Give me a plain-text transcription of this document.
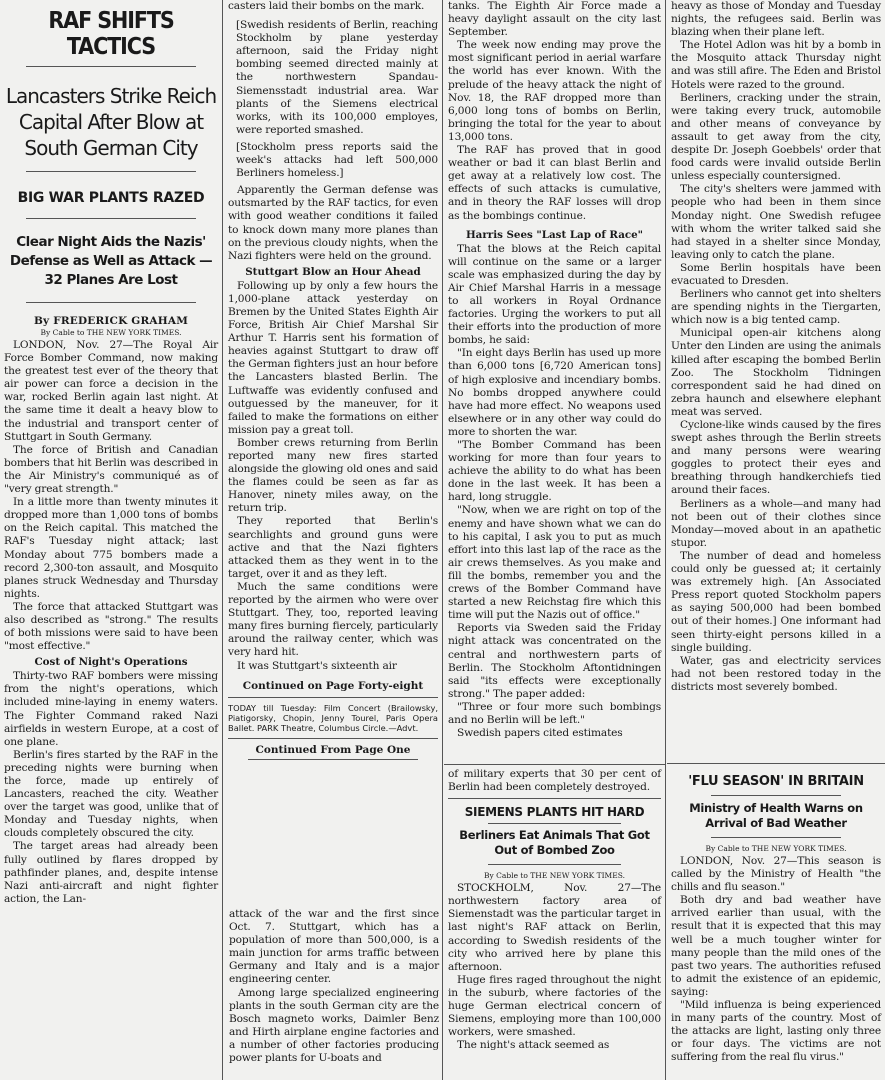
RAF SHIFTS TACTICS
Lancasters Strike Reich Capital After Blow at South German City
BIG WAR PLANTS RAZED
Clear Night Aids the Nazis' Defense as Well as Attack —32 Planes Are Lost
By FREDERICK GRAHAM
By Cable to THE NEW YORK TIMES.

LONDON, Nov. 27—The Royal Air Force Bomber Command, now making the greatest test ever of the theory that air power can force a decision in the war, rocked Berlin again last night. At the same time it dealt a heavy blow to the industrial and transport center of Stuttgart in South Germany.

The force of British and Canadian bombers that hit Berlin was described in the Air Ministry's communiqué as of "very great strength."

In a little more than twenty minutes it dropped more than 1,000 tons of bombs on the Reich capital. This matched the RAF's Tuesday night attack; last Monday about 775 bombers made a record 2,300-ton assault, and Mosquito planes struck Wednesday and Thursday nights.

The force that attacked Stuttgart was also described as "strong." The results of both missions were said to have been "most effective."

Cost of Night's Operations

Thirty-two RAF bombers were missing from the night's operations, which included mine-laying in enemy waters. The Fighter Command raked Nazi airfields in western Europe, at a cost of one plane.

Berlin's fires started by the RAF in the preceding nights were burning when the force, made up entirely of Lancasters, reached the city. Weather over the target was good, unlike that of Monday and Tuesday nights, when clouds completely obscured the city.

The target areas had already been fully outlined by flares dropped by pathfinder planes, and, despite intense Nazi anti-aircraft and night fighter action, the Lan-

casters laid their bombs on the mark.

[Swedish residents of Berlin, reaching Stockholm by plane yesterday afternoon, said the Friday night bombing seemed directed mainly at the northwestern Spandau-Siemensstadt industrial area. War plants of the Siemens electrical works, with its 100,000 employes, were reported smashed.

[Stockholm press reports said the week's attacks had left 500,000 Berliners homeless.]

Apparently the German defense was outsmarted by the RAF tactics, for even with good weather conditions it failed to knock down many more planes than on the previous cloudy nights, when the Nazi fighters were held on the ground.

Stuttgart Blow an Hour Ahead

Following up by only a few hours the 1,000-plane attack yesterday on Bremen by the United States Eighth Air Force, British Air Chief Marshal Sir Arthur T. Harris sent his formation of heavies against Stuttgart to draw off the German fighters just an hour before the Lancasters blasted Berlin. The Luftwaffe was evidently confused and outguessed by the maneuver, for it failed to make the formations on either mission pay a great toll.

Bomber crews returning from Berlin reported many new fires started alongside the glowing old ones and said the flames could be seen as far as Hanover, ninety miles away, on the return trip.

They reported that Berlin's searchlights and ground guns were active and that the Nazi fighters attacked them as they went in to the target, over it and as they left.

Much the same conditions were reported by the airmen who were over Stuttgart. They, too, reported leaving many fires burning fiercely, particularly around the railway center, which was very hard hit.

It was Stuttgart's sixteenth air

Continued on Page Forty-eight
TODAY till Tuesday: Film Concert (Brailowsky, Piatigorsky, Chopin, Jenny Tourel, Paris Opera Ballet. PARK Theatre, Columbus Circle.—Advt.
Continued From Page One

attack of the war and the first since Oct. 7. Stuttgart, which has a population of more than 500,000, is a main junction for arms traffic between Germany and Italy and is a major engineering center.

Among large specialized engineering plants in the south German city are the Bosch magneto works, Daimler Benz and Hirth airplane engine factories and a number of other factories producing power plants for U-boats and

tanks. The Eighth Air Force made a heavy daylight assault on the city last September.

The week now ending may prove the most significant period in aerial warfare the world has ever known. With the prelude of the heavy attack the night of Nov. 18, the RAF dropped more than 6,000 long tons of bombs on Berlin, bringing the total for the year to about 13,000 tons.

The RAF has proved that in good weather or bad it can blast Berlin and get away at a relatively low cost. The effects of such attacks is cumulative, and in theory the RAF losses will drop as the bombings continue.

Harris Sees "Last Lap of Race"

That the blows at the Reich capital will continue on the same or a larger scale was emphasized during the day by Air Chief Marshal Harris in a message to all workers in Royal Ordnance factories. Urging the workers to put all their efforts into the production of more bombs, he said:

"In eight days Berlin has used up more than 6,000 tons [6,720 American tons] of high explosive and incendiary bombs. No bombs dropped anywhere could have had more effect. No weapons used elsewhere or in any other way could do more to shorten the war.

"The Bomber Command has been working for more than four years to achieve the ability to do what has been done in the last week. It has been a hard, long struggle.

"Now, when we are right on top of the enemy and have shown what we can do to his capital, I ask you to put as much effort into this last lap of the race as the air crews themselves. As you make and fill the bombs, remember you and the crews of the Bomber Command have started a new Reichstag fire which this time will put the Nazis out of office."

Reports via Sweden said the Friday night attack was concentrated on the central and northwestern parts of Berlin. The Stockholm Aftontidningen said "its effects were exceptionally strong." The paper added:

"Three or four more such bombings and no Berlin will be left."

Swedish papers cited estimates

of military experts that 30 per cent of Berlin had been completely destroyed.

SIEMENS PLANTS HIT HARD
Berliners Eat Animals That Got Out of Bombed Zoo
By Cable to THE NEW YORK TIMES.

STOCKHOLM, Nov. 27—The northwestern factory area of Siemenstadt was the particular target in last night's RAF attack on Berlin, according to Swedish residents of the city who arrived here by plane this afternoon.

Huge fires raged throughout the night in the suburb, where factories of the huge German electrical concern of Siemens, employing more than 100,000 workers, were smashed.

The night's attack seemed as

heavy as those of Monday and Tuesday nights, the refugees said. Berlin was blazing when their plane left.

The Hotel Adlon was hit by a bomb in the Mosquito attack Thursday night and was still afire. The Eden and Bristol Hotels were razed to the ground.

Berliners, cracking under the strain, were taking every truck, automobile and other means of conveyance by assault to get away from the city, despite Dr. Joseph Goebbels' order that food cards were invalid outside Berlin unless especially countersigned.

The city's shelters were jammed with people who had been in them since Monday night. One Swedish refugee with whom the writer talked said she had stayed in a shelter since Monday, leaving only to catch the plane.

Some Berlin hospitals have been evacuated to Dresden.

Berliners who cannot get into shelters are spending nights in the Tiergarten, which now is a big tented camp.

Municipal open-air kitchens along Unter den Linden are using the animals killed after escaping the bombed Berlin Zoo. The Stockholm Tidningen correspondent said he had dined on zebra haunch and elsewhere elephant meat was served.

Cyclone-like winds caused by the fires swept ashes through the Berlin streets and many persons were wearing goggles to protect their eyes and breathing through handkerchiefs tied around their faces.

Berliners as a whole—and many had not been out of their clothes since Monday—moved about in an apathetic stupor.

The number of dead and homeless could only be guessed at; it certainly was extremely high. [An Associated Press report quoted Stockholm papers as saying 500,000 had been bombed out of their homes.] One informant had seen thirty-eight persons killed in a single building.

Water, gas and electricity services had not been restored today in the districts most severely bombed.

'FLU SEASON' IN BRITAIN
Ministry of Health Warns on Arrival of Bad Weather
By Cable to THE NEW YORK TIMES.

LONDON, Nov. 27—This season is called by the Ministry of Health "the chills and flu season."

Both dry and bad weather have arrived earlier than usual, with the result that it is expected that this may well be a much tougher winter for many people than the mild ones of the past two years. The authorities refused to admit the existence of an epidemic, saying:

"Mild influenza is being experienced in many parts of the country. Most of the attacks are light, lasting only three or four days. The victims are not suffering from the real flu virus."
